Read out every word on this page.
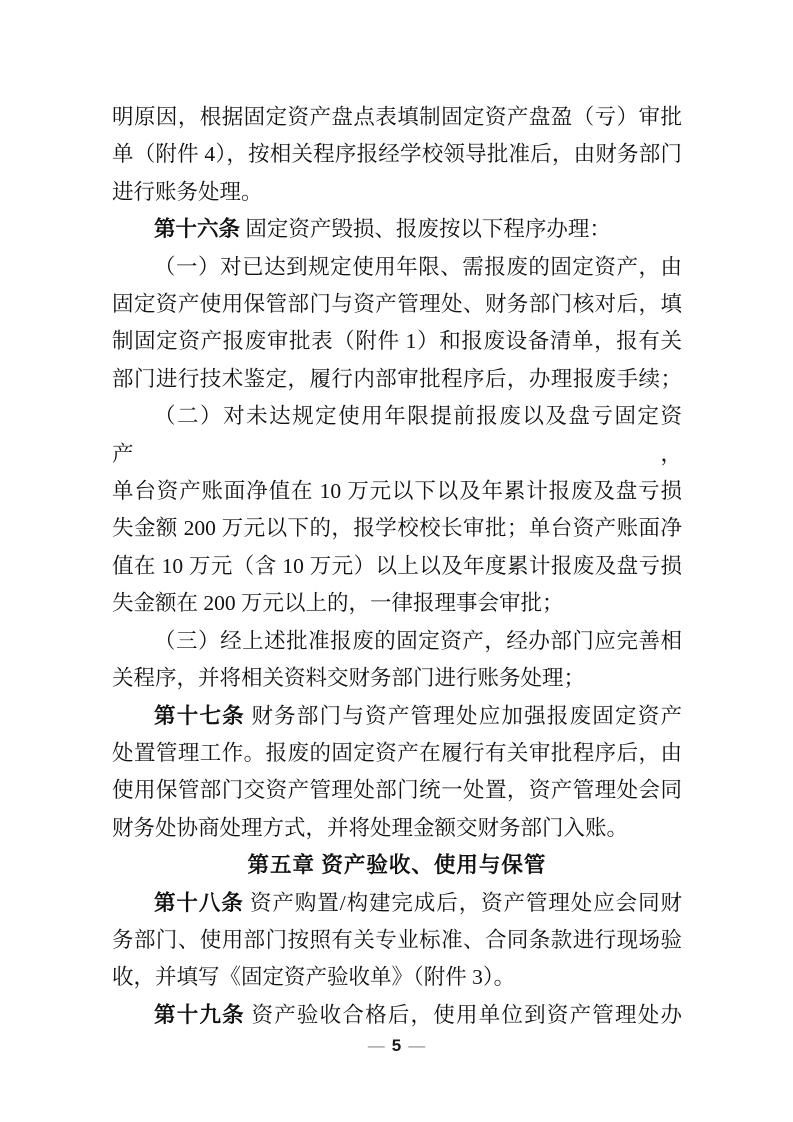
明原因，根据固定资产盘点表填制固定资产盘盈（亏）审批
单（附件 4），按相关程序报经学校领导批准后，由财务部门
进行账务处理。
第十六条 固定资产毁损、报废按以下程序办理：
（一）对已达到规定使用年限、需报废的固定资产，由
固定资产使用保管部门与资产管理处、财务部门核对后，填
制固定资产报废审批表（附件 1）和报废设备清单，报有关
部门进行技术鉴定，履行内部审批程序后，办理报废手续；
（二）对未达规定使用年限提前报废以及盘亏固定资产，
单台资产账面净值在 10 万元以下以及年累计报废及盘亏损
失金额 200 万元以下的，报学校校长审批；单台资产账面净
值在 10 万元（含 10 万元）以上以及年度累计报废及盘亏损
失金额在 200 万元以上的，一律报理事会审批；
（三）经上述批准报废的固定资产，经办部门应完善相
关程序，并将相关资料交财务部门进行账务处理；
第十七条 财务部门与资产管理处应加强报废固定资产
处置管理工作。报废的固定资产在履行有关审批程序后，由
使用保管部门交资产管理处部门统一处置，资产管理处会同
财务处协商处理方式，并将处理金额交财务部门入账。
第五章 资产验收、使用与保管
第十八条 资产购置/构建完成后，资产管理处应会同财
务部门、使用部门按照有关专业标准、合同条款进行现场验
收，并填写《固定资产验收单》（附件 3）。
第十九条 资产验收合格后，使用单位到资产管理处办
— 5 —
